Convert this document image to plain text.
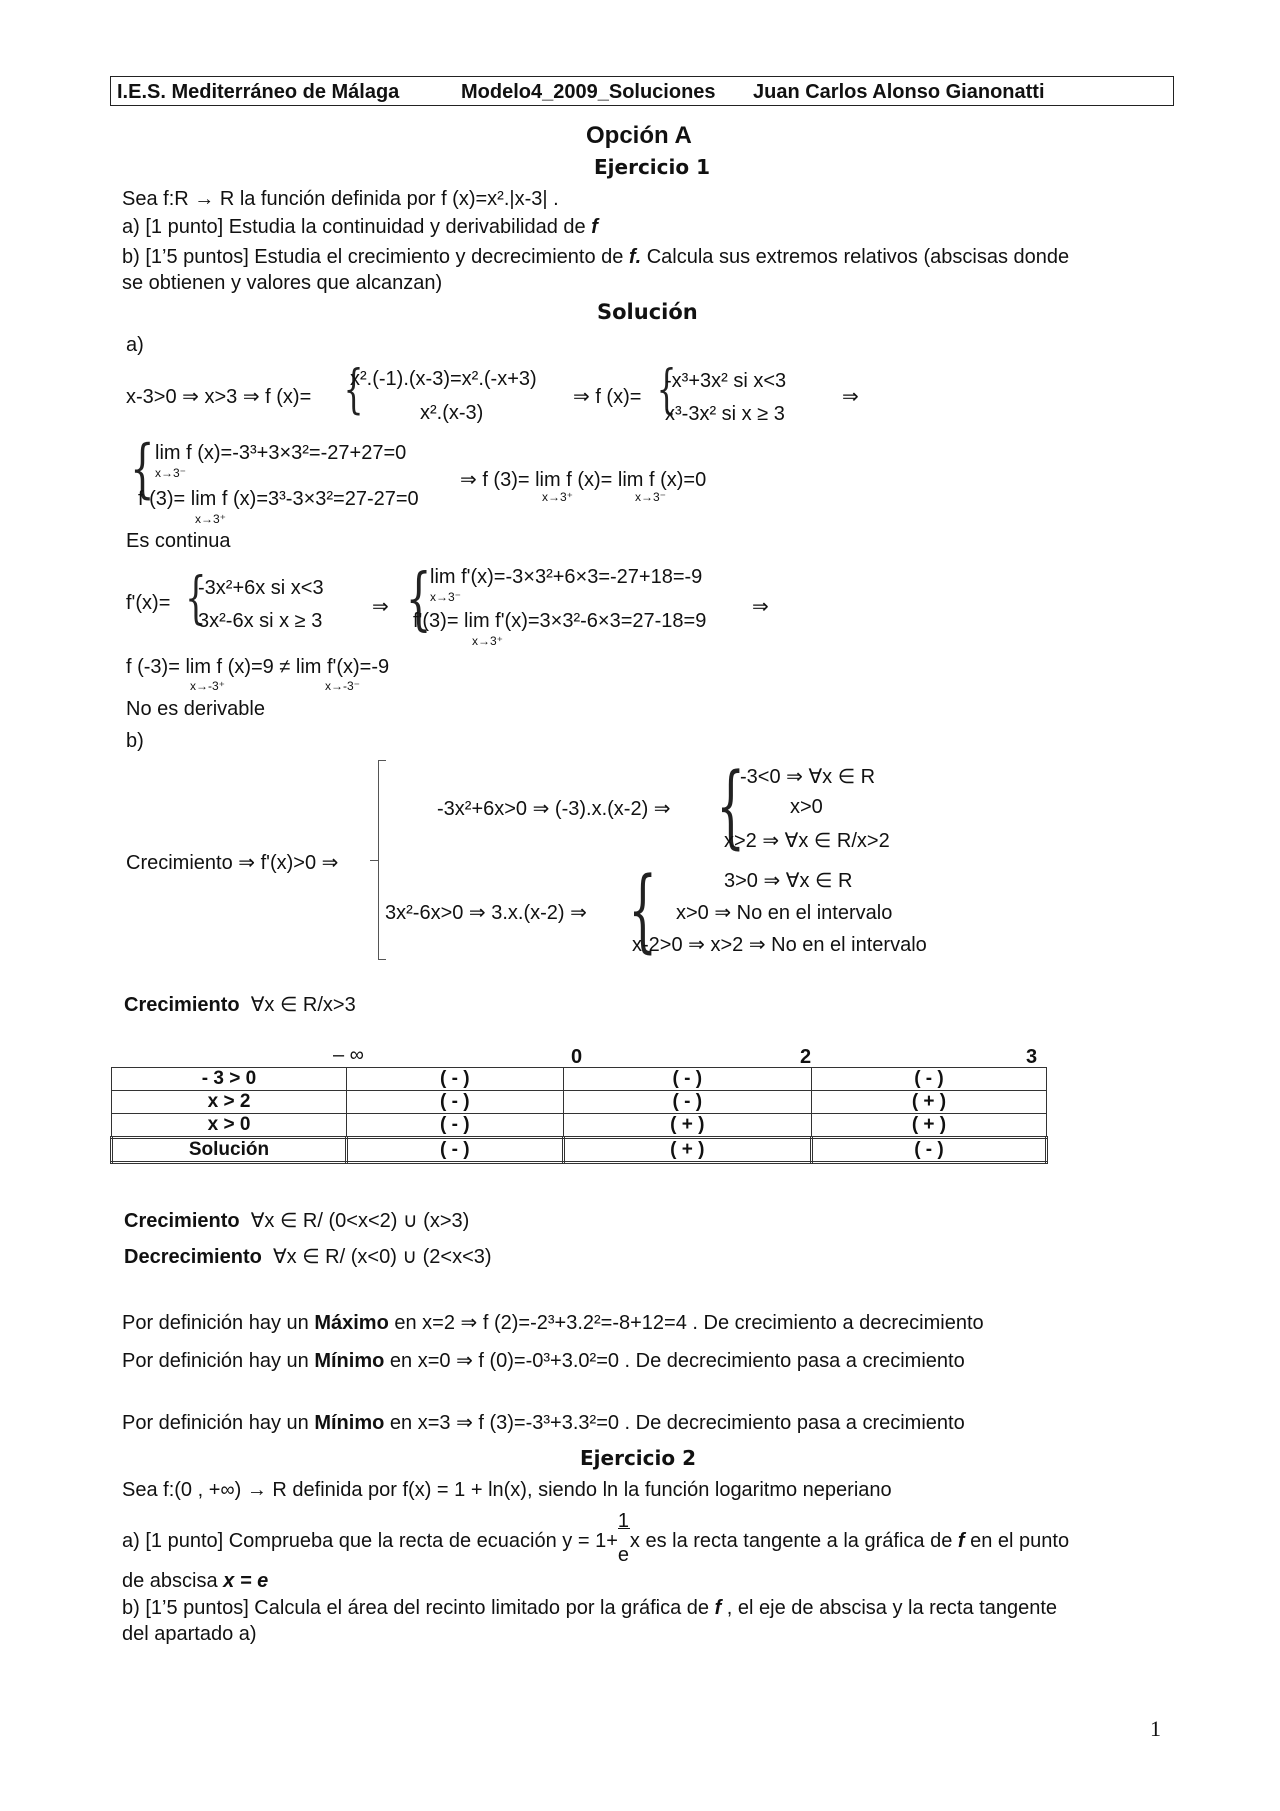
I.E.S. Mediterráneo de Málaga	Modelo4_2009_Soluciones Juan Carlos Alonso Gianonatti
Opción A
Ejercicio 1
Sea f:R → R la función definida por f (x)=x².|x-3| .
a) [1 punto] Estudia la continuidad y derivabilidad de f
b) [1’5 puntos] Estudia el crecimiento y decrecimiento de f. Calcula sus extremos relativos (abscisas donde
se obtienen y valores que alcanzan)
Solución
a)
x-3>0 ⇒ x>3 ⇒ f (x)= {
x².(-1).(x-3)=x².(-x+3)
x².(x-3)
⇒ f (x)= {
-x³+3x² si x<3
x³-3x² si x ≥ 3
⇒
{ lim f (x)=-3³+3×3²=-27+27=0
x→3⁻
f (3)= lim f (x)=3³-3×3²=27-27=0
x→3⁺
⇒ f (3)= lim f (x)= lim f (x)=0
x→3⁺	x→3⁻
Es continua
f'(x)= {
-3x²+6x si x<3
3x²-6x si x ≥ 3
⇒ {
lim f'(x)=-3×3²+6×3=-27+18=-9
x→3⁻
f'(3)= lim f'(x)=3×3²-6×3=27-18=9
x→3⁺
⇒
f (-3)= lim f (x)=9 ≠ lim f'(x)=-9
x→-3⁺	x→-3⁻
No es derivable
b)
Crecimiento ⇒ f'(x)>0 ⇒
-3x²+6x>0 ⇒ (-3).x.(x-2) ⇒ {
-3<0 ⇒ ∀x ∈ R
x>0
x>2 ⇒ ∀x ∈ R/x>2
3x²-6x>0 ⇒ 3.x.(x-2) ⇒ {	3>0 ⇒ ∀x ∈ R
x>0 ⇒ No en el intervalo
x-2>0 ⇒ x>2 ⇒ No en el intervalo
Crecimiento ∀x ∈ R/x>3
– ∞	0	2	3
- 3 > 0	( - )	( - )	( - )
x > 2	( - )	( - )	( + )
x > 0	( - )	( + )	( + )
Solución	( - )	( + )	( - )
Crecimiento ∀x ∈ R/ (0<x<2) ∪ (x>3)
Decrecimiento ∀x ∈ R/ (x<0) ∪ (2<x<3)
Por definición hay un Máximo en x=2 ⇒ f (2)=-2³+3.2²=-8+12=4 . De crecimiento a decrecimiento
Por definición hay un Mínimo en x=0 ⇒ f (0)=-0³+3.0²=0 . De decrecimiento pasa a crecimiento
Por definición hay un Mínimo en x=3 ⇒ f (3)=-3³+3.3²=0 . De decrecimiento pasa a crecimiento
Ejercicio 2
Sea f:(0 , +∞) → R definida por f(x) = 1 + ln(x), siendo ln la función logaritmo neperiano
a) [1 punto] Comprueba que la recta de ecuación $y = 1+ \frac{1}{e}$ x es la recta tangente a la gráfica de f en el punto
de abscisa x = e
b) [1’5 puntos] Calcula el área del recinto limitado por la gráfica de f , el eje de abscisa y la recta tangente
del apartado a)
1
